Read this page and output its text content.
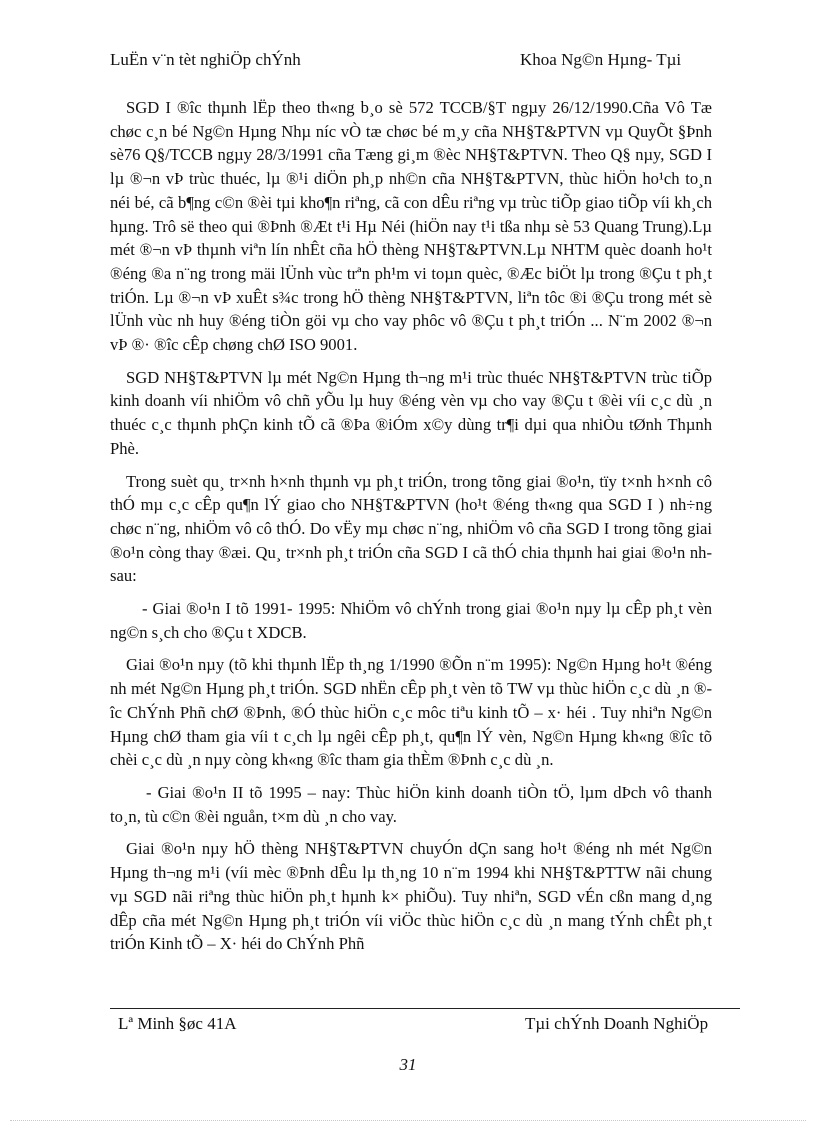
LuËn v¨n tèt nghiÖp chÝnh	Khoa Ng©n Hµng- Tµi

SGD I ®îc thµnh lËp theo th«ng b¸o sè 572 TCCB/§T ngµy 26/12/1990.Cña Vô Tæ chøc c¸n bé Ng©n Hµng Nhµ níc vÒ tæ chøc bé m¸y cña NH§T&PTVN vµ QuyÕt §Þnh sè76 Q§/TCCB ngµy 28/3/1991 cña Tæng gi¸m ®èc NH§T&PTVN. Theo Q§ nµy, SGD I lµ ®¬n vÞ trùc thuéc, lµ ®¹i diÖn ph¸p nh©n cña NH§T&PTVN, thùc hiÖn ho¹ch to¸n néi bé, cã b¶ng c©n ®èi tµi kho¶n riªng, cã con dÊu riªng vµ trùc tiÕp giao tiÕp víi kh¸ch hµng. Trô së theo qui ®Þnh ®Æt t¹i Hµ Néi (hiÖn nay t¹i tßa nhµ sè 53 Quang Trung).Lµ mét ®¬n vÞ thµnh viªn lín nhÊt cña hÖ thèng NH§T&PTVN.Lµ NHTM quèc doanh ho¹t ®éng ®a n¨ng trong mäi lÜnh vùc trªn ph¹m vi toµn quèc, ®Æc biÖt lµ trong ®Çu t ph¸t triÓn. Lµ ®¬n vÞ xuÊt s¾c trong hÖ thèng NH§T&PTVN, liªn tôc ®i ®Çu trong mét sè lÜnh vùc nh huy ®éng tiÒn göi vµ cho vay phôc vô ®Çu t ph¸t triÓn ... N¨m 2002 ®¬n vÞ ®· ®îc cÊp chøng chØ ISO 9001.

SGD NH§T&PTVN lµ mét Ng©n Hµng th¬ng m¹i trùc thuéc NH§T&PTVN trùc tiÕp kinh doanh víi nhiÖm vô chñ yÕu lµ huy ®éng vèn vµ cho vay ®Çu t ®èi víi c¸c dù ¸n thuéc c¸c thµnh phÇn kinh tÕ cã ®Þa ®iÓm x©y dùng tr¶i dµi qua nhiÒu tØnh Thµnh Phè.

Trong suèt qu¸ tr×nh h×nh thµnh vµ ph¸t triÓn, trong tõng giai ®o¹n, tïy t×nh h×nh cô thÓ mµ c¸c cÊp qu¶n lÝ giao cho NH§T&PTVN (ho¹t ®éng th«ng qua SGD I ) nh÷ng chøc n¨ng, nhiÖm vô cô thÓ. Do vËy mµ chøc n¨ng, nhiÖm vô cña SGD I trong tõng giai ®o¹n còng thay ®æi. Qu¸ tr×nh ph¸t triÓn cña SGD I cã thÓ chia thµnh hai giai ®o¹n nh sau:

- Giai ®o¹n I tõ 1991- 1995: NhiÖm vô chÝnh trong giai ®o¹n nµy lµ cÊp ph¸t vèn ng©n s¸ch cho ®Çu t XDCB.

Giai ®o¹n nµy (tõ khi thµnh lËp th¸ng 1/1990 ®Õn n¨m 1995): Ng©n Hµng ho¹t ®éng nh mét Ng©n Hµng ph¸t triÓn. SGD nhËn cÊp ph¸t vèn tõ TW vµ thùc hiÖn c¸c dù ¸n ®îc ChÝnh Phñ chØ ®Þnh, ®Ó thùc hiÖn c¸c môc tiªu kinh tÕ – x· héi . Tuy nhiªn Ng©n Hµng chØ tham gia víi t c¸ch lµ ngêi cÊp ph¸t, qu¶n lÝ vèn, Ng©n Hµng kh«ng ®îc tõ chèi c¸c dù ¸n nµy còng kh«ng ®îc tham gia thÈm ®Þnh c¸c dù ¸n.

- Giai ®o¹n II tõ 1995 – nay: Thùc hiÖn kinh doanh tiÒn tÖ, lµm dÞch vô thanh to¸n, tù c©n ®èi nguån, t×m dù ¸n cho vay.

Giai ®o¹n nµy hÖ thèng NH§T&PTVN chuyÓn dÇn sang ho¹t ®éng nh mét Ng©n Hµng th¬ng m¹i (víi mèc ®Þnh dÊu lµ th¸ng 10 n¨m 1994 khi NH§T&PTTW nãi chung vµ SGD nãi riªng thùc hiÖn ph¸t hµnh k× phiÕu). Tuy nhiªn, SGD vÉn cßn mang d¸ng dÊp cña mét Ng©n Hµng ph¸t triÓn víi viÖc thùc hiÖn c¸c dù ¸n mang tÝnh chÊt ph¸t triÓn Kinh tÕ – X· héi do ChÝnh Phñ

Lª Minh §øc 41A	Tµi chÝnh Doanh NghiÖp
31
